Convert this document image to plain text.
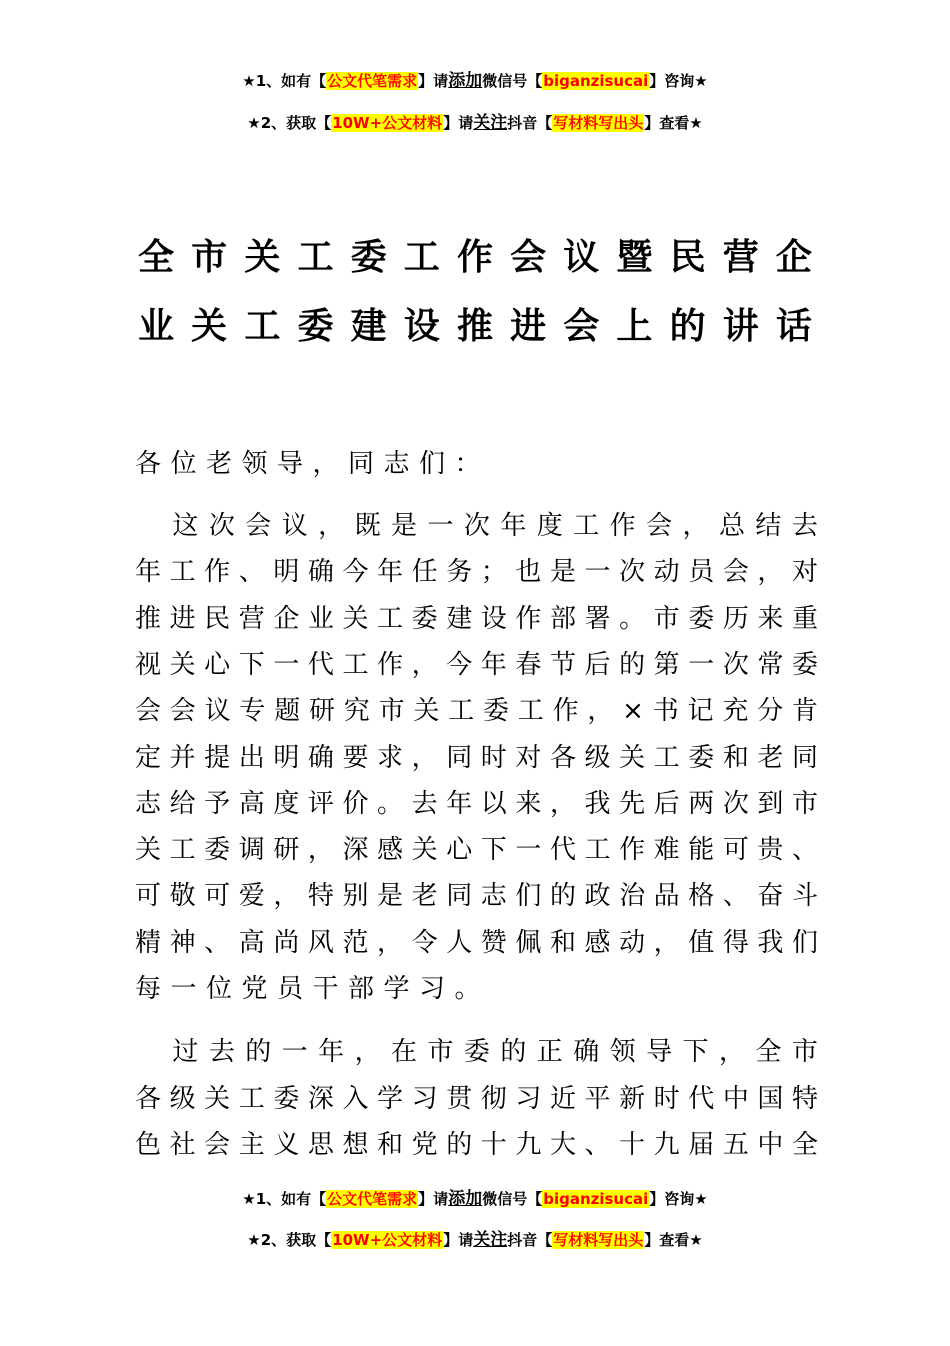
★1、如有【公文代笔需求】请添加微信号【biganzisucai】咨询★
★2、获取【10W+公文材料】请关注抖音【写材料写出头】查看★
全 市 关 工 委 工 作 会 议 暨 民 营 企
业 关 工 委 建 设 推 进 会 上 的 讲 话
各位老领导，同志们：

这 次 会 议 ， 既 是 一 次 年 度 工 作 会 ， 总 结 去
年 工 作 、 明 确 今 年 任 务 ； 也 是 一 次 动 员 会 ， 对
推 进 民 营 企 业 关 工 委 建 设 作 部 署 。 市 委 历 来 重
视 关 心 下 一 代 工 作 ， 今 年 春 节 后 的 第 一 次 常 委
会 会 议 专 题 研 究 市 关 工 委 工 作 ， × 书 记 充 分 肯
定 并 提 出 明 确 要 求 ， 同 时 对 各 级 关 工 委 和 老 同
志 给 予 高 度 评 价 。 去 年 以 来 ， 我 先 后 两 次 到 市
关 工 委 调 研 ， 深 感 关 心 下 一 代 工 作 难 能 可 贵 、
可 敬 可 爱 ， 特 别 是 老 同 志 们 的 政 治 品 格 、 奋 斗
精 神 、 高 尚 风 范 ， 令 人 赞 佩 和 感 动 ， 值 得 我 们
每一位党员干部学习。

过 去 的 一 年 ， 在 市 委 的 正 确 领 导 下 ， 全 市
各 级 关 工 委 深 入 学 习 贯 彻 习 近 平 新 时 代 中 国 特
色 社 会 主 义 思 想 和 党 的 十 九 大 、 十 九 届 五 中 全
★1、如有【公文代笔需求】请添加微信号【biganzisucai】咨询★
★2、获取【10W+公文材料】请关注抖音【写材料写出头】查看★
